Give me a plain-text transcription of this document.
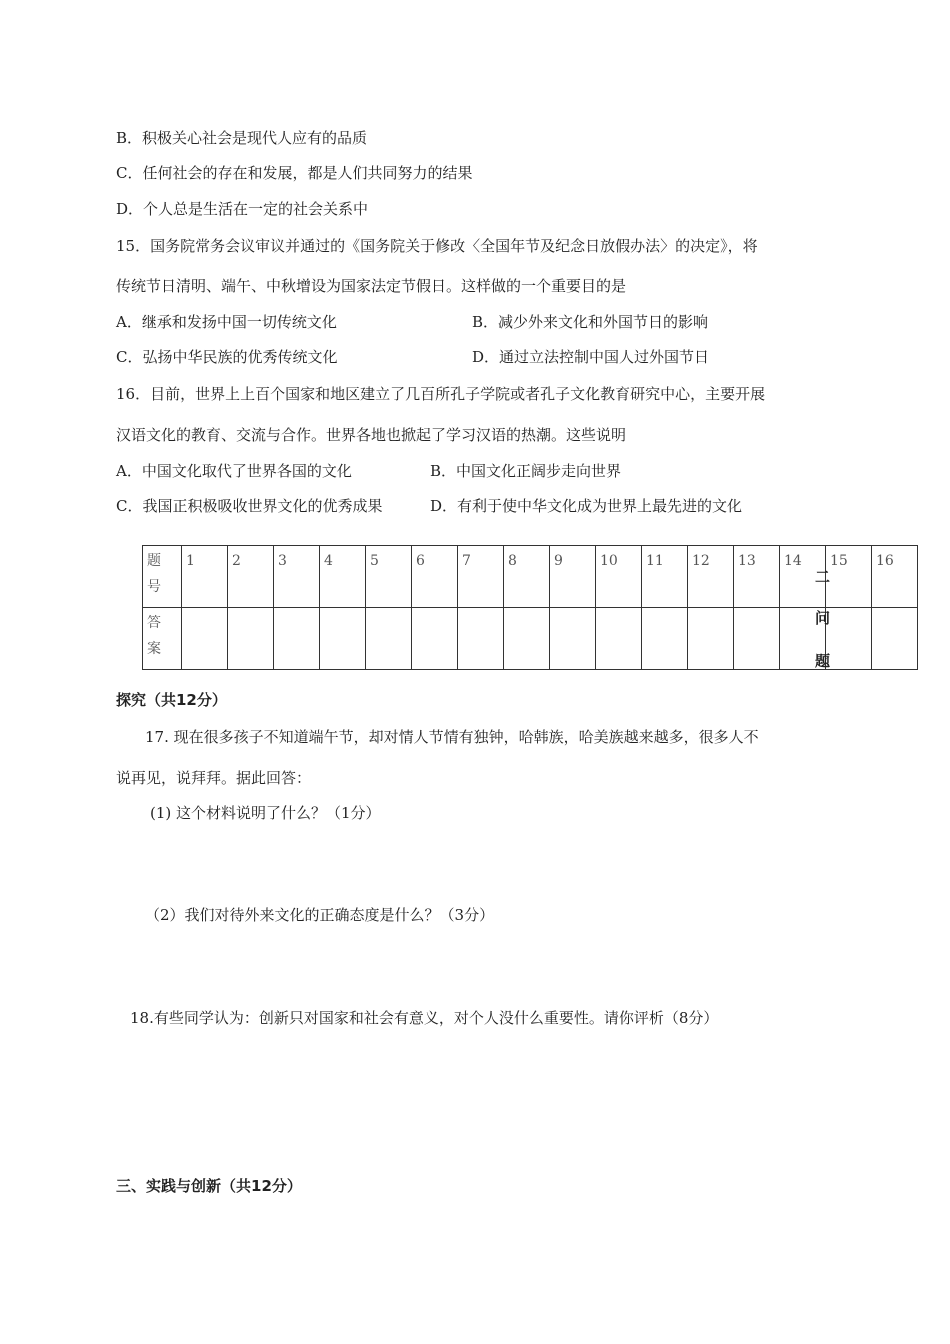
B．积极关心社会是现代人应有的品质
C．任何社会的存在和发展，都是人们共同努力的结果
D．个人总是生活在一定的社会关系中
15．国务院常务会议审议并通过的《国务院关于修改〈全国年节及纪念日放假办法〉的决定》，将
传统节日清明、端午、中秋增设为国家法定节假日。这样做的一个重要目的是
A．继承和发扬中国一切传统文化	B．减少外来文化和外国节日的影响
C．弘扬中华民族的优秀传统文化	D．通过立法控制中国人过外国节日
16．目前，世界上上百个国家和地区建立了几百所孔子学院或者孔子文化教育研究中心，主要开展
汉语文化的教育、交流与合作。世界各地也掀起了学习汉语的热潮。这些说明
A．中国文化取代了世界各国的文化	B．中国文化正阔步走向世界
C．我国正积极吸收世界文化的优秀成果	D．有利于使中华文化成为世界上最先进的文化
题
号	1	2	3	4	5	6	7	8	9	10	11	12	13	14	15	16
答
案																
二
问
题
探究（共12分）
17. 现在很多孩子不知道端午节，却对情人节情有独钟，哈韩族，哈美族越来越多，很多人不
说再见，说拜拜。据此回答：
(1) 这个材料说明了什么？（1分）
（2）我们对待外来文化的正确态度是什么？（3分）
18.有些同学认为：创新只对国家和社会有意义，对个人没什么重要性。请你评析（8分）
三、实践与创新（共12分）
